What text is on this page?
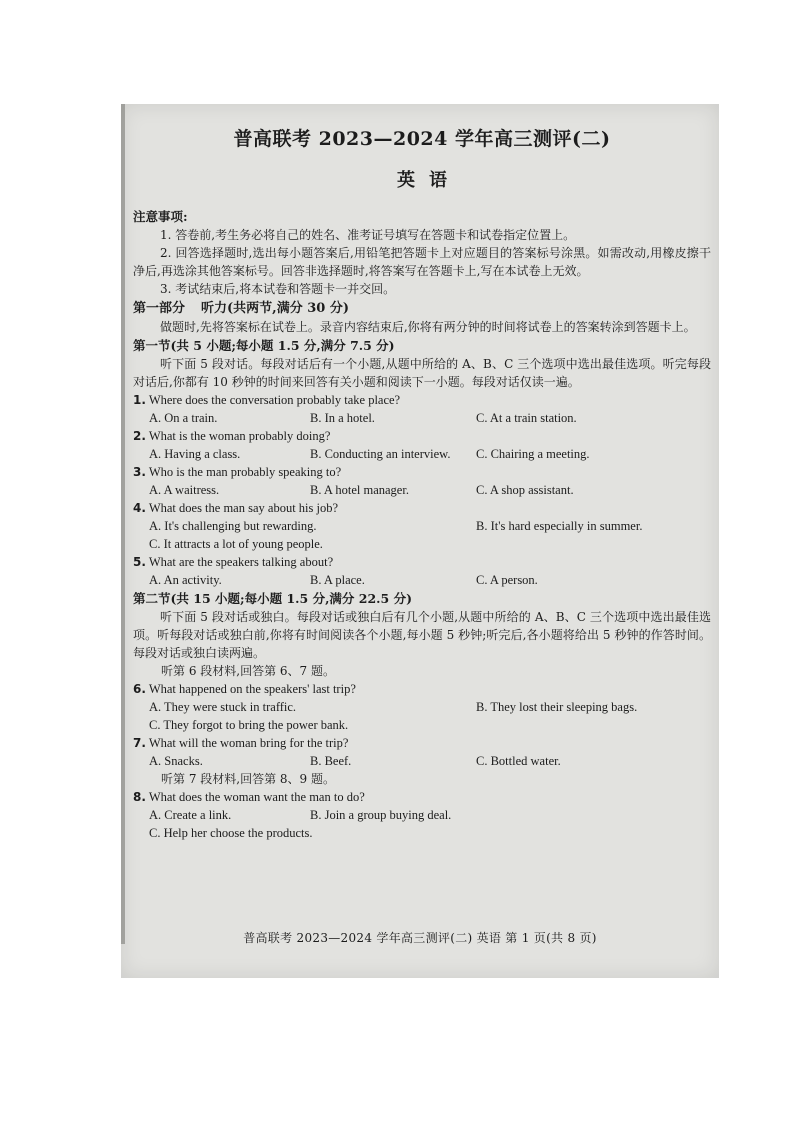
普高联考 2023—2024 学年高三测评(二)
英语
注意事项:

1. 答卷前,考生务必将自己的姓名、准考证号填写在答题卡和试卷指定位置上。

2. 回答选择题时,选出每小题答案后,用铅笔把答题卡上对应题目的答案标号涂黑。如需改动,用橡皮擦干净后,再选涂其他答案标号。回答非选择题时,将答案写在答题卡上,写在本试卷上无效。

3. 考试结束后,将本试卷和答题卡一并交回。

第一部分 听力(共两节,满分 30 分)

做题时,先将答案标在试卷上。录音内容结束后,你将有两分钟的时间将试卷上的答案转涂到答题卡上。

第一节(共 5 小题;每小题 1.5 分,满分 7.5 分)

听下面 5 段对话。每段对话后有一个小题,从题中所给的 A、B、C 三个选项中选出最佳选项。听完每段对话后,你都有 10 秒钟的时间来回答有关小题和阅读下一小题。每段对话仅读一遍。

1. Where does the conversation probably take place?
A. On a train.	B. In a hotel.	C. At a train station.
2. What is the woman probably doing?
A. Having a class.	B. Conducting an interview. C. Chairing a meeting.
3. Who is the man probably speaking to?
A. A waitress.	B. A hotel manager.	C. A shop assistant.
4. What does the man say about his job?
A. It's challenging but rewarding.	B. It's hard especially in summer.
C. It attracts a lot of young people.
5. What are the speakers talking about?
A. An activity.	B. A place.	C. A person.
第二节(共 15 小题;每小题 1.5 分,满分 22.5 分)

听下面 5 段对话或独白。每段对话或独白后有几个小题,从题中所给的 A、B、C 三个选项中选出最佳选项。听每段对话或独白前,你将有时间阅读各个小题,每小题 5 秒钟;听完后,各小题将给出 5 秒钟的作答时间。每段对话或独白读两遍。

听第 6 段材料,回答第 6、7 题。
6. What happened on the speakers' last trip?
A. They were stuck in traffic.	B. They lost their sleeping bags.
C. They forgot to bring the power bank.
7. What will the woman bring for the trip?
A. Snacks.	B. Beef.	C. Bottled water.
听第 7 段材料,回答第 8、9 题。
8. What does the woman want the man to do?
A. Create a link.	B. Join a group buying deal.
C. Help her choose the products.
普高联考 2023—2024 学年高三测评(二) 英语 第 1 页(共 8 页)
